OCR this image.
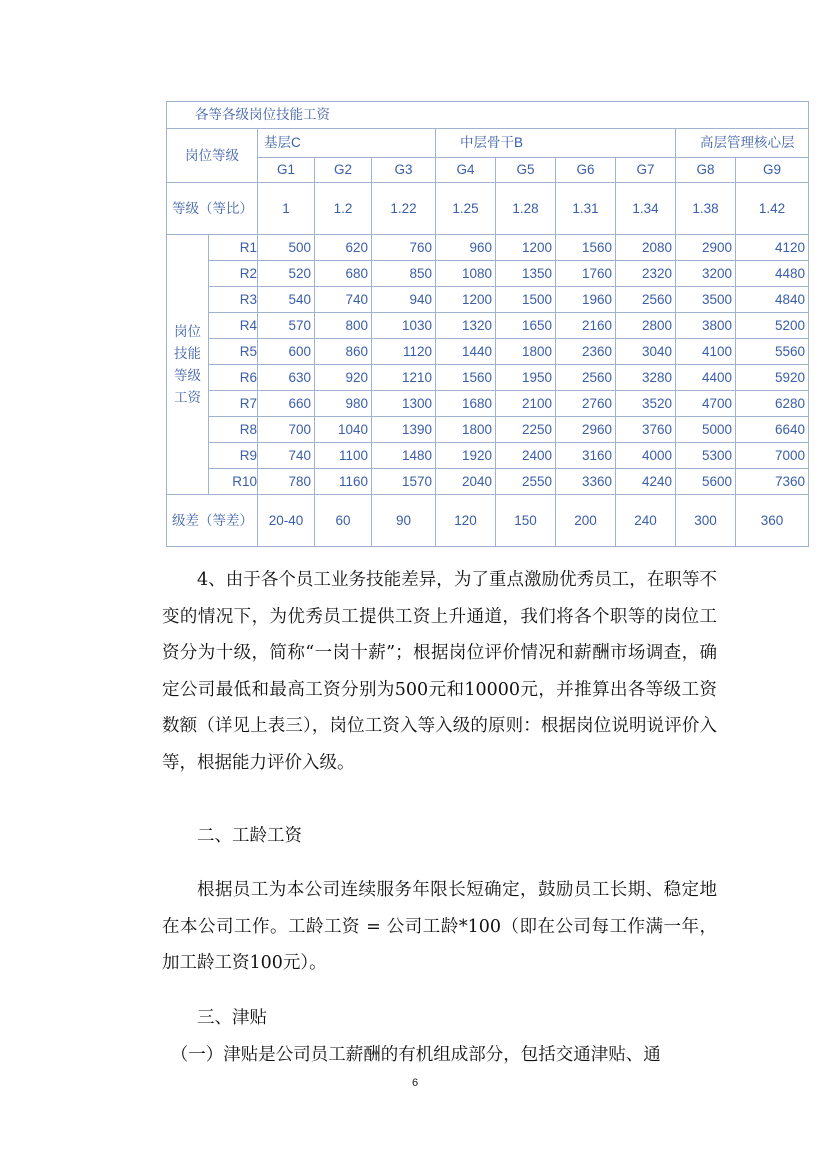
各等各级岗位技能工资										
岗位等级		基层C			中层骨干B				高层管理核心层	
		G1	G2	G3	G4	G5	G6	G7	G8	G9
等级（等比）		1	1.2	1.22	1.25	1.28	1.31	1.34	1.38	1.42
岗位技能等级工资	R1	500	620	760	960	1200	1560	2080	2900	4120
	R2	520	680	850	1080	1350	1760	2320	3200	4480
	R3	540	740	940	1200	1500	1960	2560	3500	4840
	R4	570	800	1030	1320	1650	2160	2800	3800	5200
	R5	600	860	1120	1440	1800	2360	3040	4100	5560
	R6	630	920	1210	1560	1950	2560	3280	4400	5920
	R7	660	980	1300	1680	2100	2760	3520	4700	6280
	R8	700	1040	1390	1800	2250	2960	3760	5000	6640
	R9	740	1100	1480	1920	2400	3160	4000	5300	7000
	R10	780	1160	1570	2040	2550	3360	4240	5600	7360
级差（等差）		20-40	60	90	120	150	200	240	300	360

4、由于各个员工业务技能差异，为了重点激励优秀员工，在职等不变的情况下，为优秀员工提供工资上升通道，我们将各个职等的岗位工资分为十级，简称“一岗十薪”；根据岗位评价情况和薪酬市场调查，确定公司最低和最高工资分别为500元和10000元，并推算出各等级工资数额（详见上表三），岗位工资入等入级的原则：根据岗位说明说评价入等，根据能力评价入级。

二、工龄工资

根据员工为本公司连续服务年限长短确定，鼓励员工长期、稳定地在本公司工作。工龄工资 = 公司工龄*100（即在公司每工作满一年，加工龄工资100元）。

三、津贴

（一）津贴是公司员工薪酬的有机组成部分，包括交通津贴、通

6
